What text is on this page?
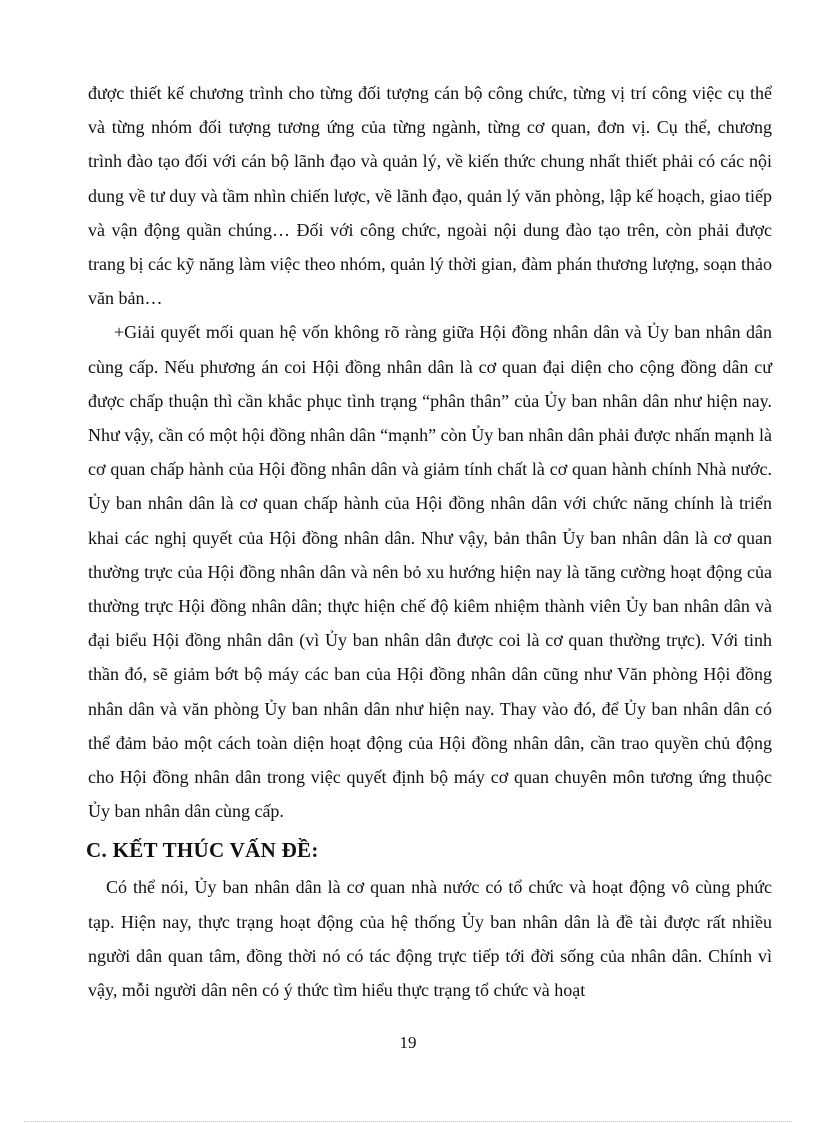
được thiết kế chương trình cho từng đối tượng cán bộ công chức, từng vị trí công việc cụ thể và từng nhóm đối tượng tương ứng của từng ngành, từng cơ quan, đơn vị. Cụ thể, chương trình đào tạo đối với cán bộ lãnh đạo và quản lý, về kiến thức chung nhất thiết phải có các nội dung về tư duy và tầm nhìn chiến lược, về lãnh đạo, quản lý văn phòng, lập kế hoạch, giao tiếp và vận động quần chúng… Đối với công chức, ngoài nội dung đào tạo trên, còn phải được trang bị các kỹ năng làm việc theo nhóm, quản lý thời gian, đàm phán thương lượng, soạn thảo văn bản…

+Giải quyết mối quan hệ vốn không rõ ràng giữa Hội đồng nhân dân và Ủy ban nhân dân cùng cấp. Nếu phương án coi Hội đồng nhân dân là cơ quan đại diện cho cộng đồng dân cư được chấp thuận thì cần khắc phục tình trạng “phân thân” của Ủy ban nhân dân như hiện nay. Như vậy, cần có một hội đồng nhân dân “mạnh” còn Ủy ban nhân dân phải được nhấn mạnh là cơ quan chấp hành của Hội đồng nhân dân và giảm tính chất là cơ quan hành chính Nhà nước. Ủy ban nhân dân là cơ quan chấp hành của Hội đồng nhân dân với chức năng chính là triển khai các nghị quyết của Hội đồng nhân dân. Như vậy, bản thân Ủy ban nhân dân là cơ quan thường trực của Hội đồng nhân dân và nên bỏ xu hướng hiện nay là tăng cường hoạt động của thường trực Hội đồng nhân dân; thực hiện chế độ kiêm nhiệm thành viên Ủy ban nhân dân và đại biểu Hội đồng nhân dân (vì Ủy ban nhân dân được coi là cơ quan thường trực). Với tinh thần đó, sẽ giảm bớt bộ máy các ban của Hội đồng nhân dân cũng như Văn phòng Hội đồng nhân dân và văn phòng Ủy ban nhân dân như hiện nay. Thay vào đó, để Ủy ban nhân dân có thể đảm bảo một cách toàn diện hoạt động của Hội đồng nhân dân, cần trao quyền chủ động cho Hội đồng nhân dân trong việc quyết định bộ máy cơ quan chuyên môn tương ứng thuộc Ủy ban nhân dân cùng cấp.

C. KẾT THÚC VẤN ĐỀ:

Có thể nói, Ủy ban nhân dân là cơ quan nhà nước có tổ chức và hoạt động vô cùng phức tạp. Hiện nay, thực trạng hoạt động của hệ thống Ủy ban nhân dân là đề tài được rất nhiều người dân quan tâm, đồng thời nó có tác động trực tiếp tới đời sống của nhân dân. Chính vì vậy, mỗi người dân nên có ý thức tìm hiểu thực trạng tổ chức và hoạt

19
